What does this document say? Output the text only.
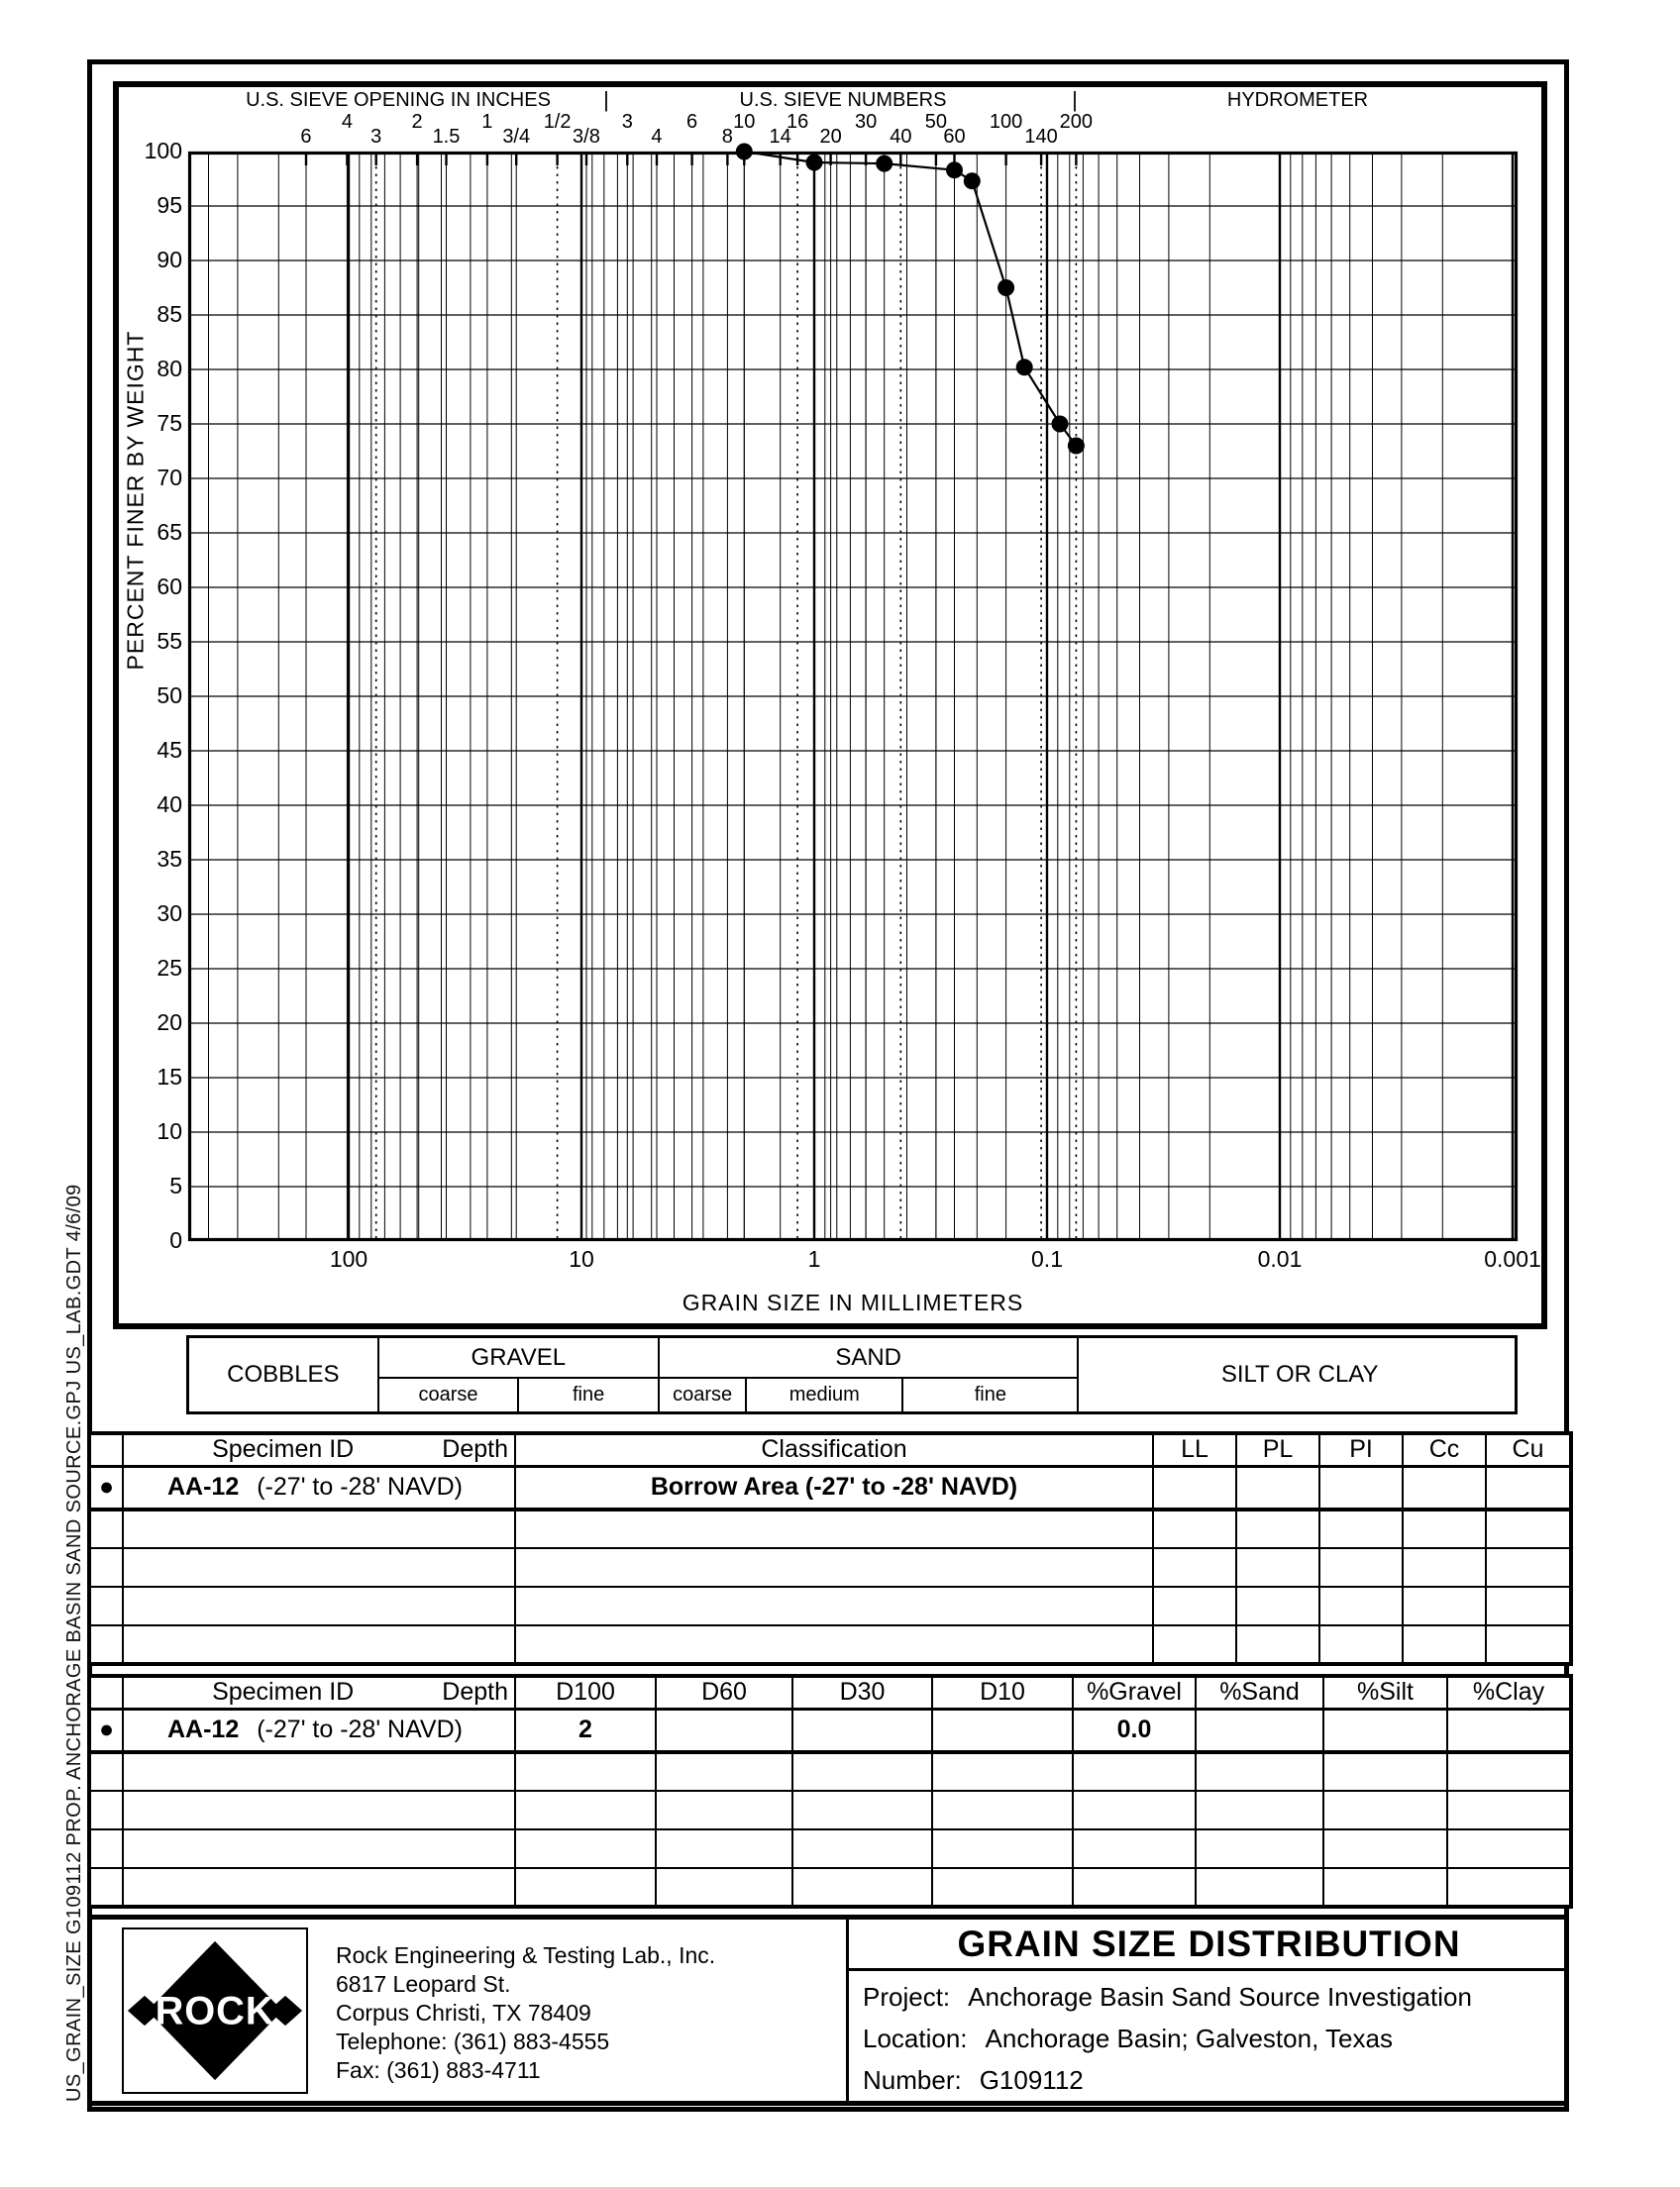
US_GRAIN_SIZE G109112 PROP. ANCHORAGE BASIN SAND SOURCE.GPJ US_LAB.GDT 4/6/09
PERCENT FINER BY WEIGHT
GRAIN SIZE IN MILLIMETERS
U.S. SIEVE OPENING IN INCHES	U.S. SIEVE NUMBERS	HYDROMETER
|	|
6
4
3
2
1.5
1
3/4
1/2
3/8
3
4
6
8
10
14
16
20
30
40
50
60
100
140
200
0
5
10
15
20
25
30
35
40
45
50
55
60
65
70
75
80
85
90
95
100
100	10	1	0.1	0.01	0.001
COBBLES
GRAVEL
coarse	fine
SAND
coarse	medium	fine
SILT OR CLAY

	Specimen ID Depth	Classification	LL	PL	PI	Cc	Cu
●	AA-12 (-27' to -28' NAVD)	Borrow Area (-27' to -28' NAVD)					

	Specimen ID Depth	D100	D60	D30	D10	%Gravel	%Sand	%Silt	%Clay
●	AA-12 (-27' to -28' NAVD)	2				0.0			

ROCK
Rock Engineering & Testing Lab., Inc.
6817 Leopard St.
Corpus Christi, TX 78409
Telephone: (361) 883-4555
Fax: (361) 883-4711
GRAIN SIZE DISTRIBUTION
Project: Anchorage Basin Sand Source Investigation
Location: Anchorage Basin; Galveston, Texas
Number: G109112
